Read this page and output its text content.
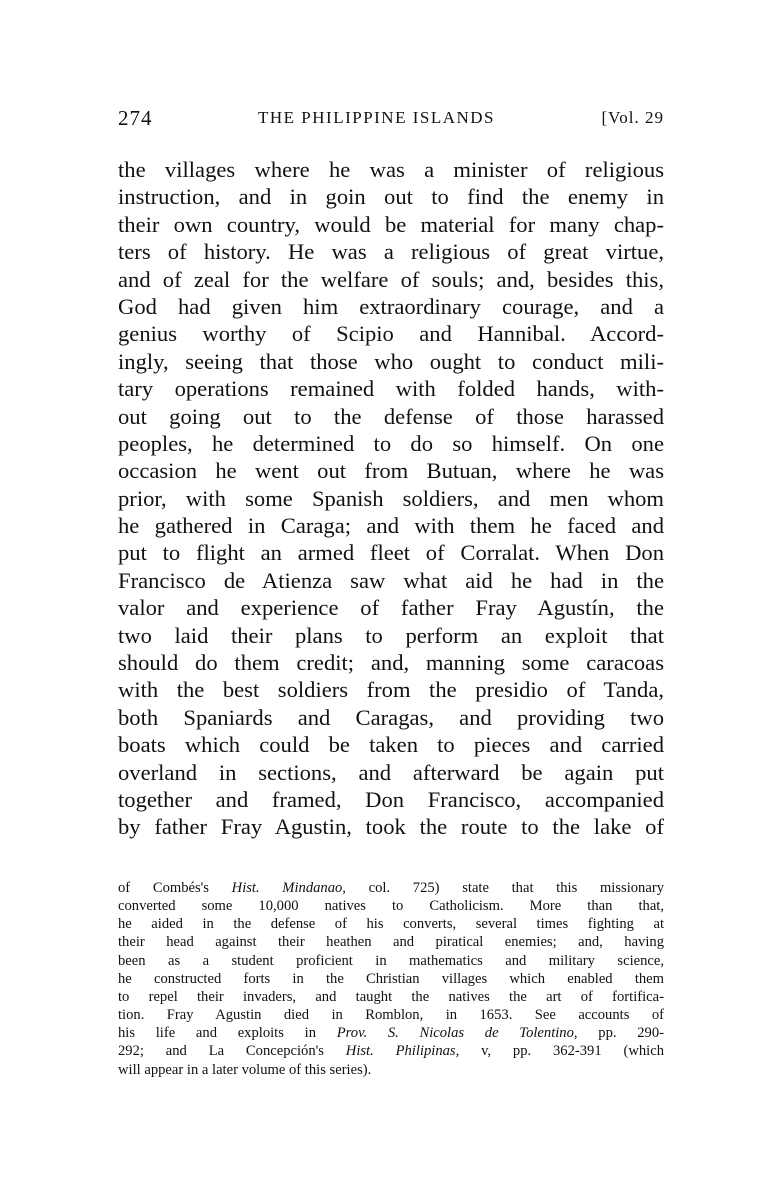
274	THE PHILIPPINE ISLANDS	[Vol. 29
the villages where he was a minister of religious
instruction, and in goin out to find the enemy in
their own country, would be material for many chap-
ters of history. He was a religious of great virtue,
and of zeal for the welfare of souls; and, besides this,
God had given him extraordinary courage, and a
genius worthy of Scipio and Hannibal. Accord-
ingly, seeing that those who ought to conduct mili-
tary operations remained with folded hands, with-
out going out to the defense of those harassed
peoples, he determined to do so himself. On one
occasion he went out from Butuan, where he was
prior, with some Spanish soldiers, and men whom
he gathered in Caraga; and with them he faced and
put to flight an armed fleet of Corralat. When Don
Francisco de Atienza saw what aid he had in the
valor and experience of father Fray Agustín, the
two laid their plans to perform an exploit that
should do them credit; and, manning some caracoas
with the best soldiers from the presidio of Tanda,
both Spaniards and Caragas, and providing two
boats which could be taken to pieces and carried
overland in sections, and afterward be again put
together and framed, Don Francisco, accompanied
by father Fray Agustin, took the route to the lake of
of Combés's Hist. Mindanao, col. 725) state that this missionary
converted some 10,000 natives to Catholicism. More than that,
he aided in the defense of his converts, several times fighting at
their head against their heathen and piratical enemies; and, having
been as a student proficient in mathematics and military science,
he constructed forts in the Christian villages which enabled them
to repel their invaders, and taught the natives the art of fortifica-
tion. Fray Agustin died in Romblon, in 1653. See accounts of
his life and exploits in Prov. S. Nicolas de Tolentino, pp. 290-
292; and La Concepción's Hist. Philipinas, v, pp. 362-391 (which
will appear in a later volume of this series).
